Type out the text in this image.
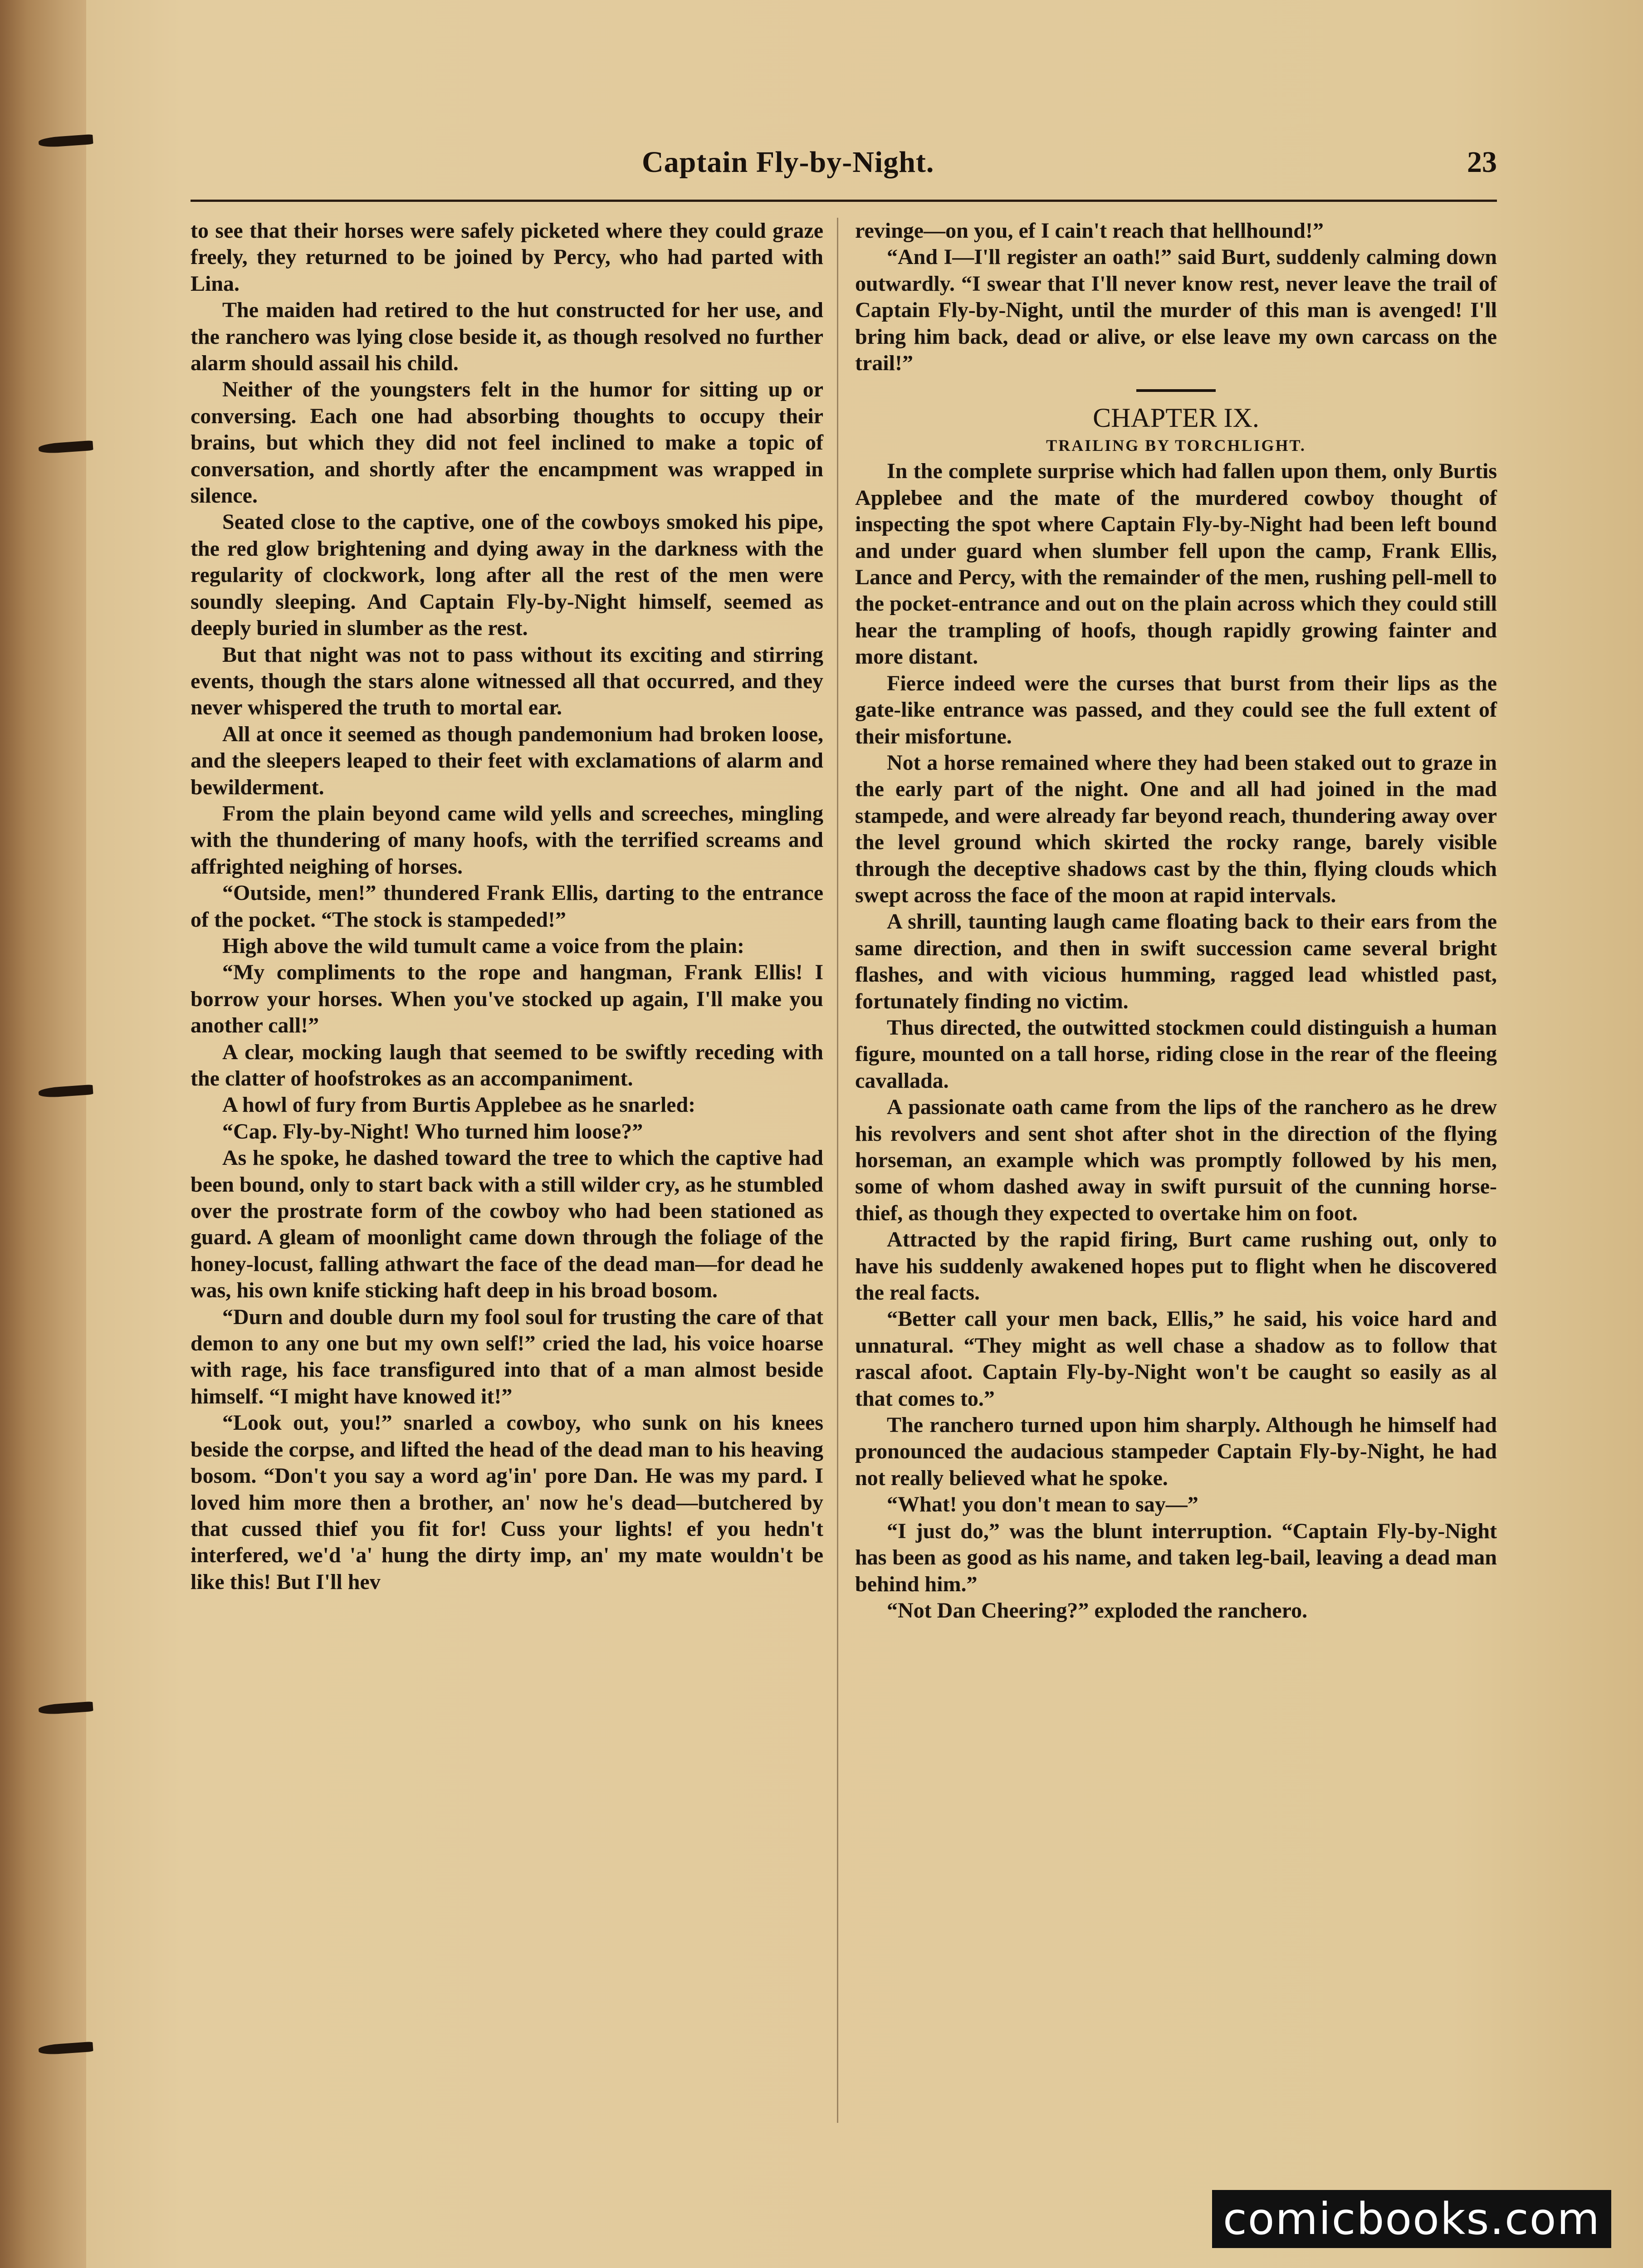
Captain Fly-by-Night.	23

to see that their horses were safely picketed where they could graze freely, they returned to be joined by Percy, who had parted with Lina.

The maiden had retired to the hut constructed for her use, and the ranchero was lying close beside it, as though resolved no further alarm should assail his child.

Neither of the youngsters felt in the humor for sitting up or conversing. Each one had absorbing thoughts to occupy their brains, but which they did not feel inclined to make a topic of conversation, and shortly after the encampment was wrapped in silence.

Seated close to the captive, one of the cowboys smoked his pipe, the red glow brightening and dying away in the darkness with the regularity of clockwork, long after all the rest of the men were soundly sleeping. And Captain Fly-by-Night himself, seemed as deeply buried in slumber as the rest.

But that night was not to pass without its exciting and stirring events, though the stars alone witnessed all that occurred, and they never whispered the truth to mortal ear.

All at once it seemed as though pandemonium had broken loose, and the sleepers leaped to their feet with exclamations of alarm and bewilderment.

From the plain beyond came wild yells and screeches, mingling with the thundering of many hoofs, with the terrified screams and affrighted neighing of horses.

“Outside, men!” thundered Frank Ellis, darting to the entrance of the pocket. “The stock is stampeded!”

High above the wild tumult came a voice from the plain:

“My compliments to the rope and hangman, Frank Ellis! I borrow your horses. When you've stocked up again, I'll make you another call!”

A clear, mocking laugh that seemed to be swiftly receding with the clatter of hoofstrokes as an accompaniment.

A howl of fury from Burtis Applebee as he snarled:

“Cap. Fly-by-Night! Who turned him loose?”

As he spoke, he dashed toward the tree to which the captive had been bound, only to start back with a still wilder cry, as he stumbled over the prostrate form of the cowboy who had been stationed as guard. A gleam of moonlight came down through the foliage of the honey-locust, falling athwart the face of the dead man—for dead he was, his own knife sticking haft deep in his broad bosom.

“Durn and double durn my fool soul for trusting the care of that demon to any one but my own self!” cried the lad, his voice hoarse with rage, his face transfigured into that of a man almost beside himself. “I might have knowed it!”

“Look out, you!” snarled a cowboy, who sunk on his knees beside the corpse, and lifted the head of the dead man to his heaving bosom. “Don't you say a word ag'in' pore Dan. He was my pard. I loved him more then a brother, an' now he's dead—butchered by that cussed thief you fit for! Cuss your lights! ef you hedn't interfered, we'd 'a' hung the dirty imp, an' my mate wouldn't be like this! But I'll hev

revinge—on you, ef I cain't reach that hellhound!”

“And I—I'll register an oath!” said Burt, suddenly calming down outwardly. “I swear that I'll never know rest, never leave the trail of Captain Fly-by-Night, until the murder of this man is avenged! I'll bring him back, dead or alive, or else leave my own carcass on the trail!”

CHAPTER IX.

TRAILING BY TORCHLIGHT.

In the complete surprise which had fallen upon them, only Burtis Applebee and the mate of the murdered cowboy thought of inspecting the spot where Captain Fly-by-Night had been left bound and under guard when slumber fell upon the camp, Frank Ellis, Lance and Percy, with the remainder of the men, rushing pell-mell to the pocket-entrance and out on the plain across which they could still hear the trampling of hoofs, though rapidly growing fainter and more distant.

Fierce indeed were the curses that burst from their lips as the gate-like entrance was passed, and they could see the full extent of their misfortune.

Not a horse remained where they had been staked out to graze in the early part of the night. One and all had joined in the mad stampede, and were already far beyond reach, thundering away over the level ground which skirted the rocky range, barely visible through the deceptive shadows cast by the thin, flying clouds which swept across the face of the moon at rapid intervals.

A shrill, taunting laugh came floating back to their ears from the same direction, and then in swift succession came several bright flashes, and with vicious humming, ragged lead whistled past, fortunately finding no victim.

Thus directed, the outwitted stockmen could distinguish a human figure, mounted on a tall horse, riding close in the rear of the fleeing cavallada.

A passionate oath came from the lips of the ranchero as he drew his revolvers and sent shot after shot in the direction of the flying horseman, an example which was promptly followed by his men, some of whom dashed away in swift pursuit of the cunning horse-thief, as though they expected to overtake him on foot.

Attracted by the rapid firing, Burt came rushing out, only to have his suddenly awakened hopes put to flight when he discovered the real facts.

“Better call your men back, Ellis,” he said, his voice hard and unnatural. “They might as well chase a shadow as to follow that rascal afoot. Captain Fly-by-Night won't be caught so easily as al that comes to.”

The ranchero turned upon him sharply. Although he himself had pronounced the audacious stampeder Captain Fly-by-Night, he had not really believed what he spoke.

“What! you don't mean to say—”

“I just do,” was the blunt interruption. “Captain Fly-by-Night has been as good as his name, and taken leg-bail, leaving a dead man behind him.”

“Not Dan Cheering?” exploded the ranchero.

comicbooks.com
